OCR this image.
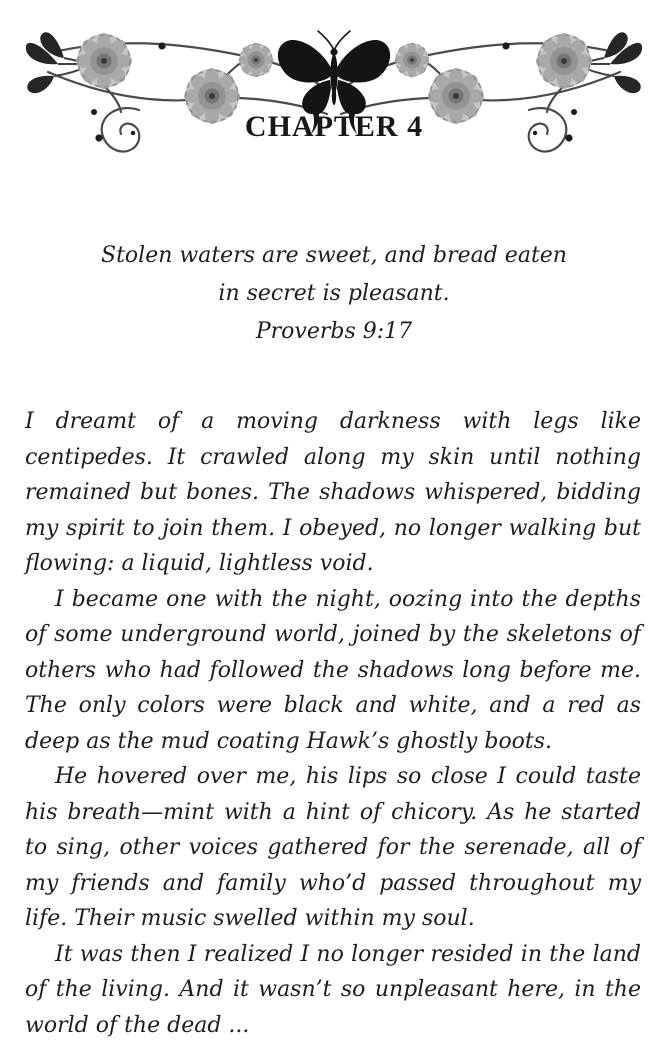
CHAPTER 4
Stolen waters are sweet, and bread eaten
in secret is pleasant.
Proverbs 9:17

I dreamt of a moving darkness with legs like centipedes. It crawled along my skin until nothing remained but bones. The shadows whispered, bidding my spirit to join them. I obeyed, no longer walking but flowing: a liquid, lightless void.

I became one with the night, oozing into the depths of some underground world, joined by the skeletons of others who had followed the shadows long before me. The only colors were black and white, and a red as deep as the mud coating Hawk’s ghostly boots.

He hovered over me, his lips so close I could taste his breath—mint with a hint of chicory. As he started to sing, other voices gathered for the serenade, all of my friends and family who’d passed throughout my life. Their music swelled within my soul.

It was then I realized I no longer resided in the land of the living. And it wasn’t so unpleasant here, in the world of the dead ...
